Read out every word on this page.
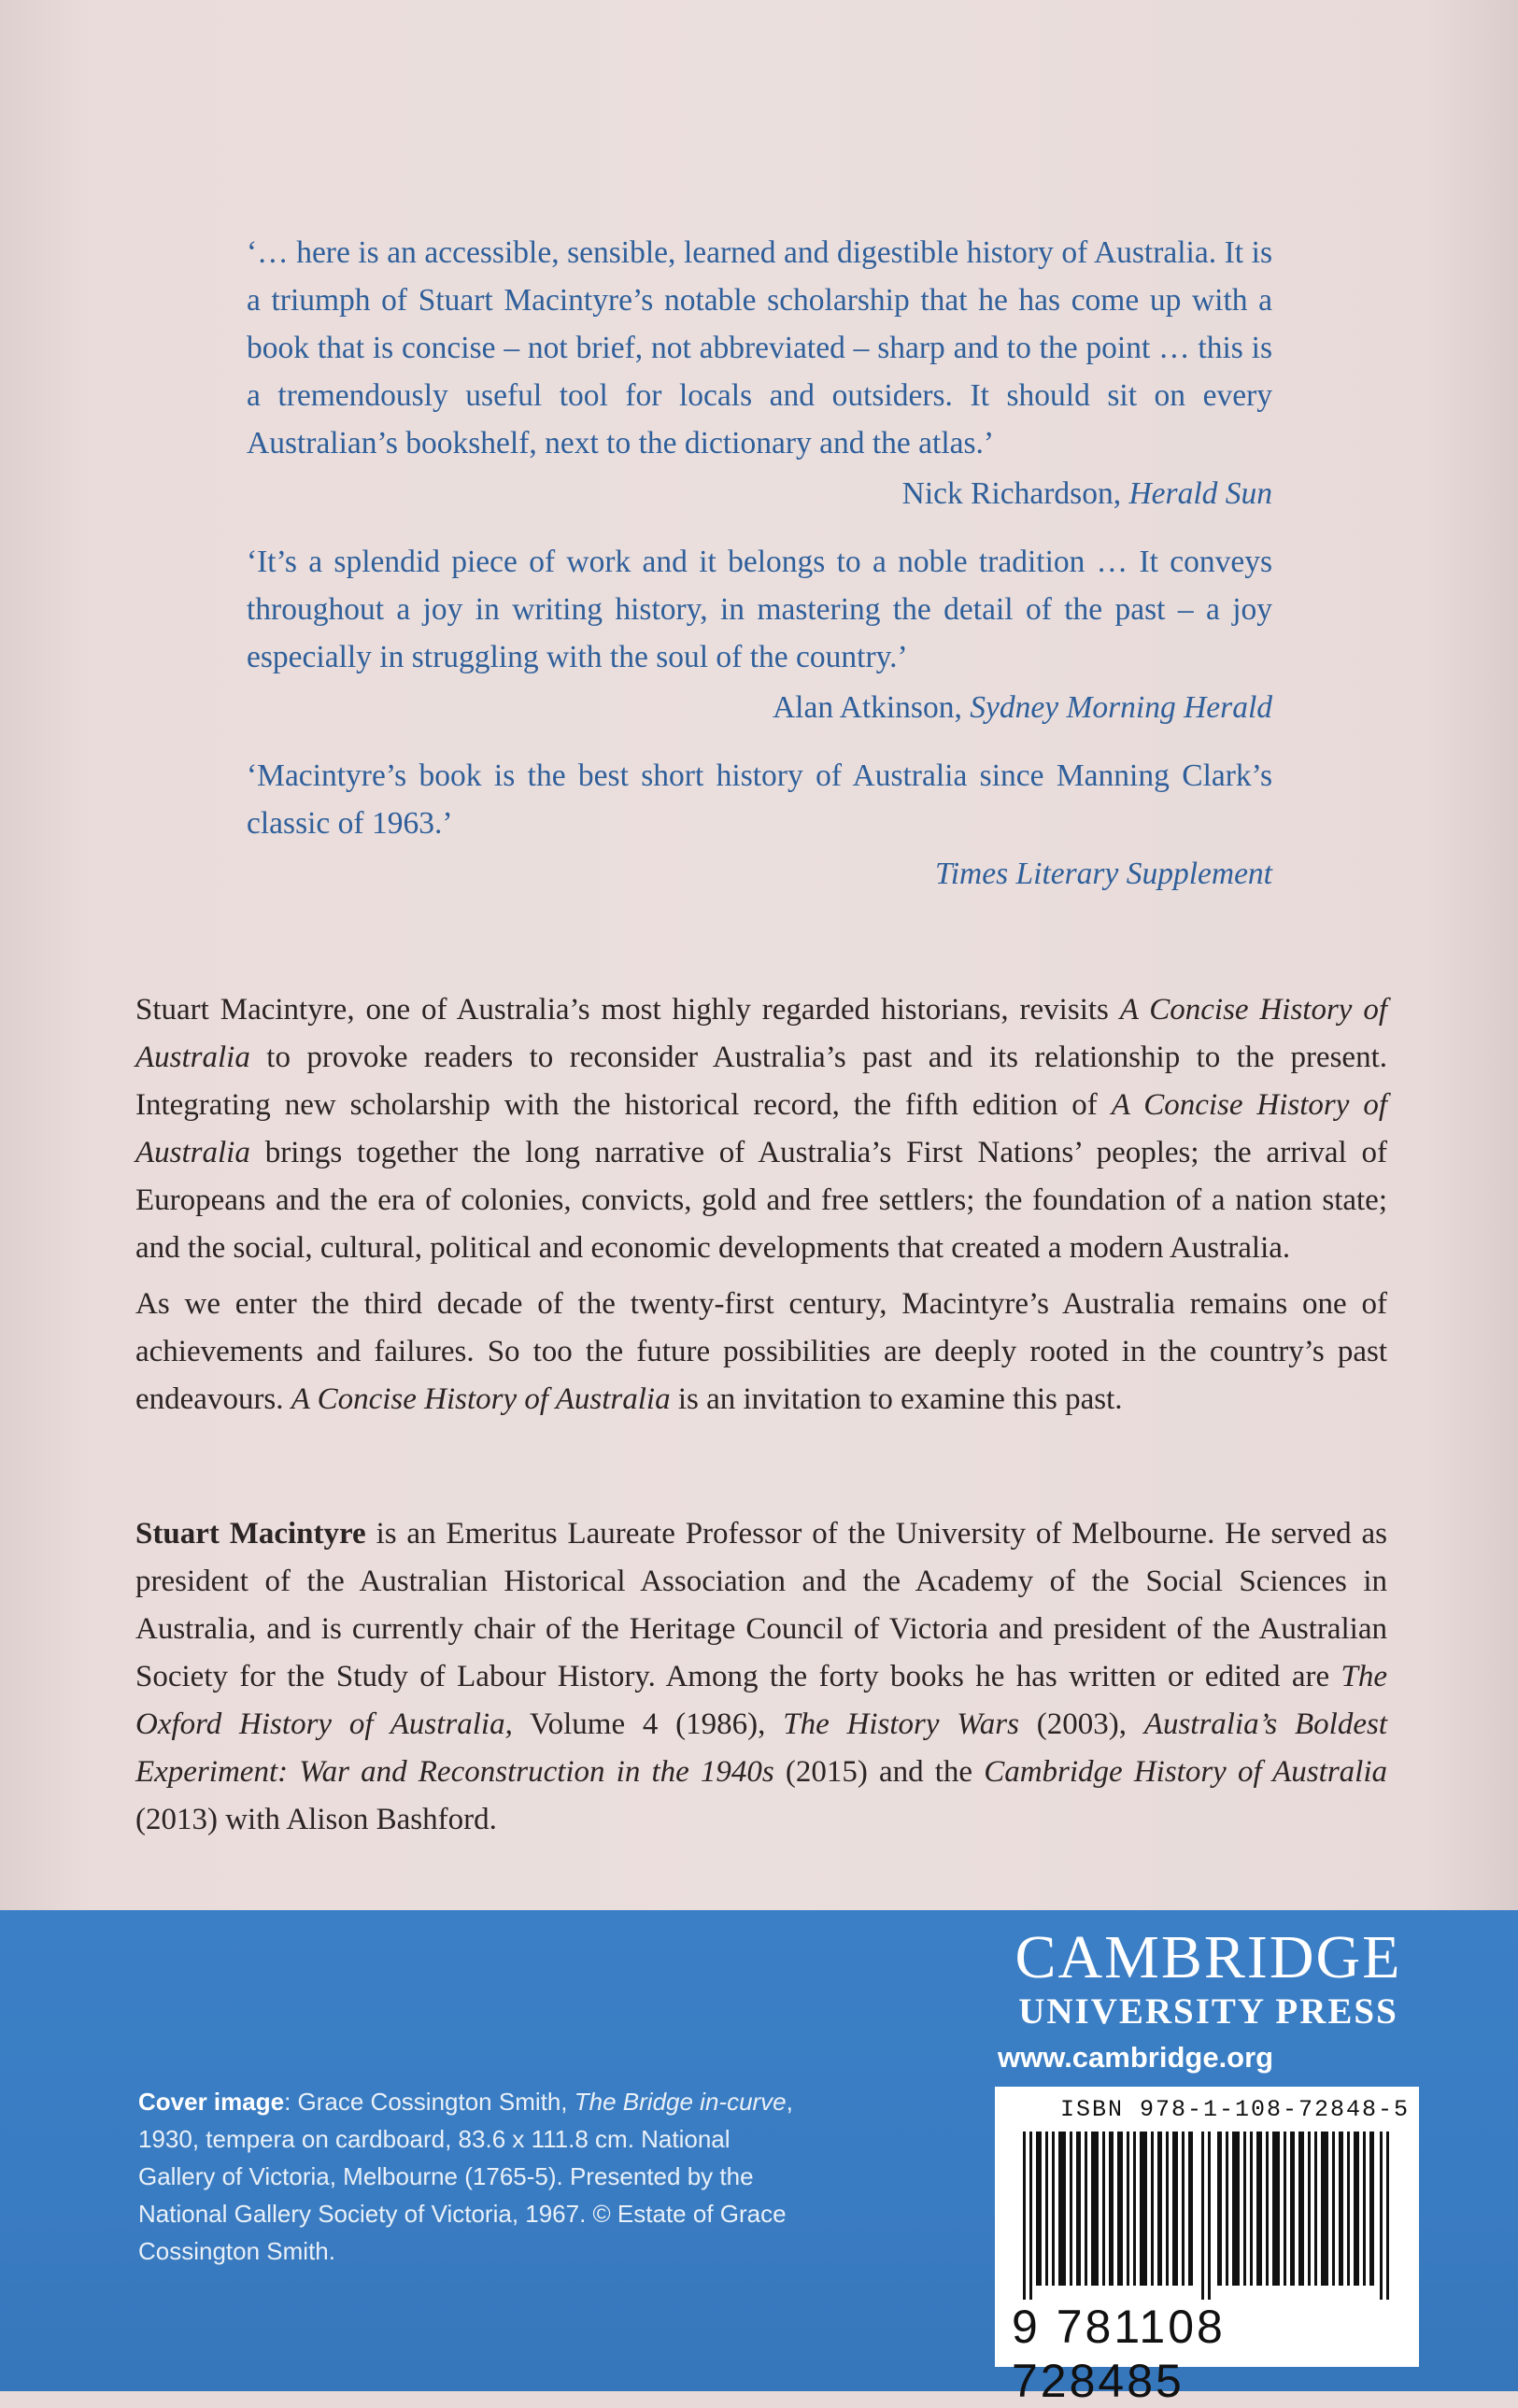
‘… here is an accessible, sensible, learned and digestible history of Australia. It is a triumph of Stuart Macintyre’s notable scholarship that he has come up with a book that is concise – not brief, not abbreviated – sharp and to the point … this is a tremendously useful tool for locals and outsiders. It should sit on every Australian’s bookshelf, next to the dictionary and the atlas.’

Nick Richardson, Herald Sun

‘It’s a splendid piece of work and it belongs to a noble tradition … It conveys throughout a joy in writing history, in mastering the detail of the past – a joy especially in struggling with the soul of the country.’

Alan Atkinson, Sydney Morning Herald

‘Macintyre’s book is the best short history of Australia since Manning Clark’s classic of 1963.’

Times Literary Supplement

Stuart Macintyre, one of Australia’s most highly regarded historians, revisits A Concise History of Australia to provoke readers to reconsider Australia’s past and its relationship to the present. Integrating new scholarship with the historical record, the fifth edition of A Concise History of Australia brings together the long narrative of Australia’s First Nations’ peoples; the arrival of Europeans and the era of colonies, convicts, gold and free settlers; the foundation of a nation state; and the social, cultural, political and economic developments that created a modern Australia.

As we enter the third decade of the twenty-first century, Macintyre’s Australia remains one of achievements and failures. So too the future possibilities are deeply rooted in the country’s past endeavours. A Concise History of Australia is an invitation to examine this past.

Stuart Macintyre is an Emeritus Laureate Professor of the University of Melbourne. He served as president of the Australian Historical Association and the Academy of the Social Sciences in Australia, and is currently chair of the Heritage Council of Victoria and president of the Australian Society for the Study of Labour History. Among the forty books he has written or edited are The Oxford History of Australia, Volume 4 (1986), The History Wars (2003), Australia’s Boldest Experiment: War and Reconstruction in the 1940s (2015) and the Cambridge History of Australia (2013) with Alison Bashford.

CAMBRIDGE
UNIVERSITY PRESS
www.cambridge.org
Cover image: Grace Cossington Smith, The Bridge in-curve, 1930, tempera on cardboard, 83.6 x 111.8 cm. National Gallery of Victoria, Melbourne (1765-5). Presented by the National Gallery Society of Victoria, 1967. © Estate of Grace Cossington Smith.
ISBN 978-1-108-72848-5
9 781108 728485
